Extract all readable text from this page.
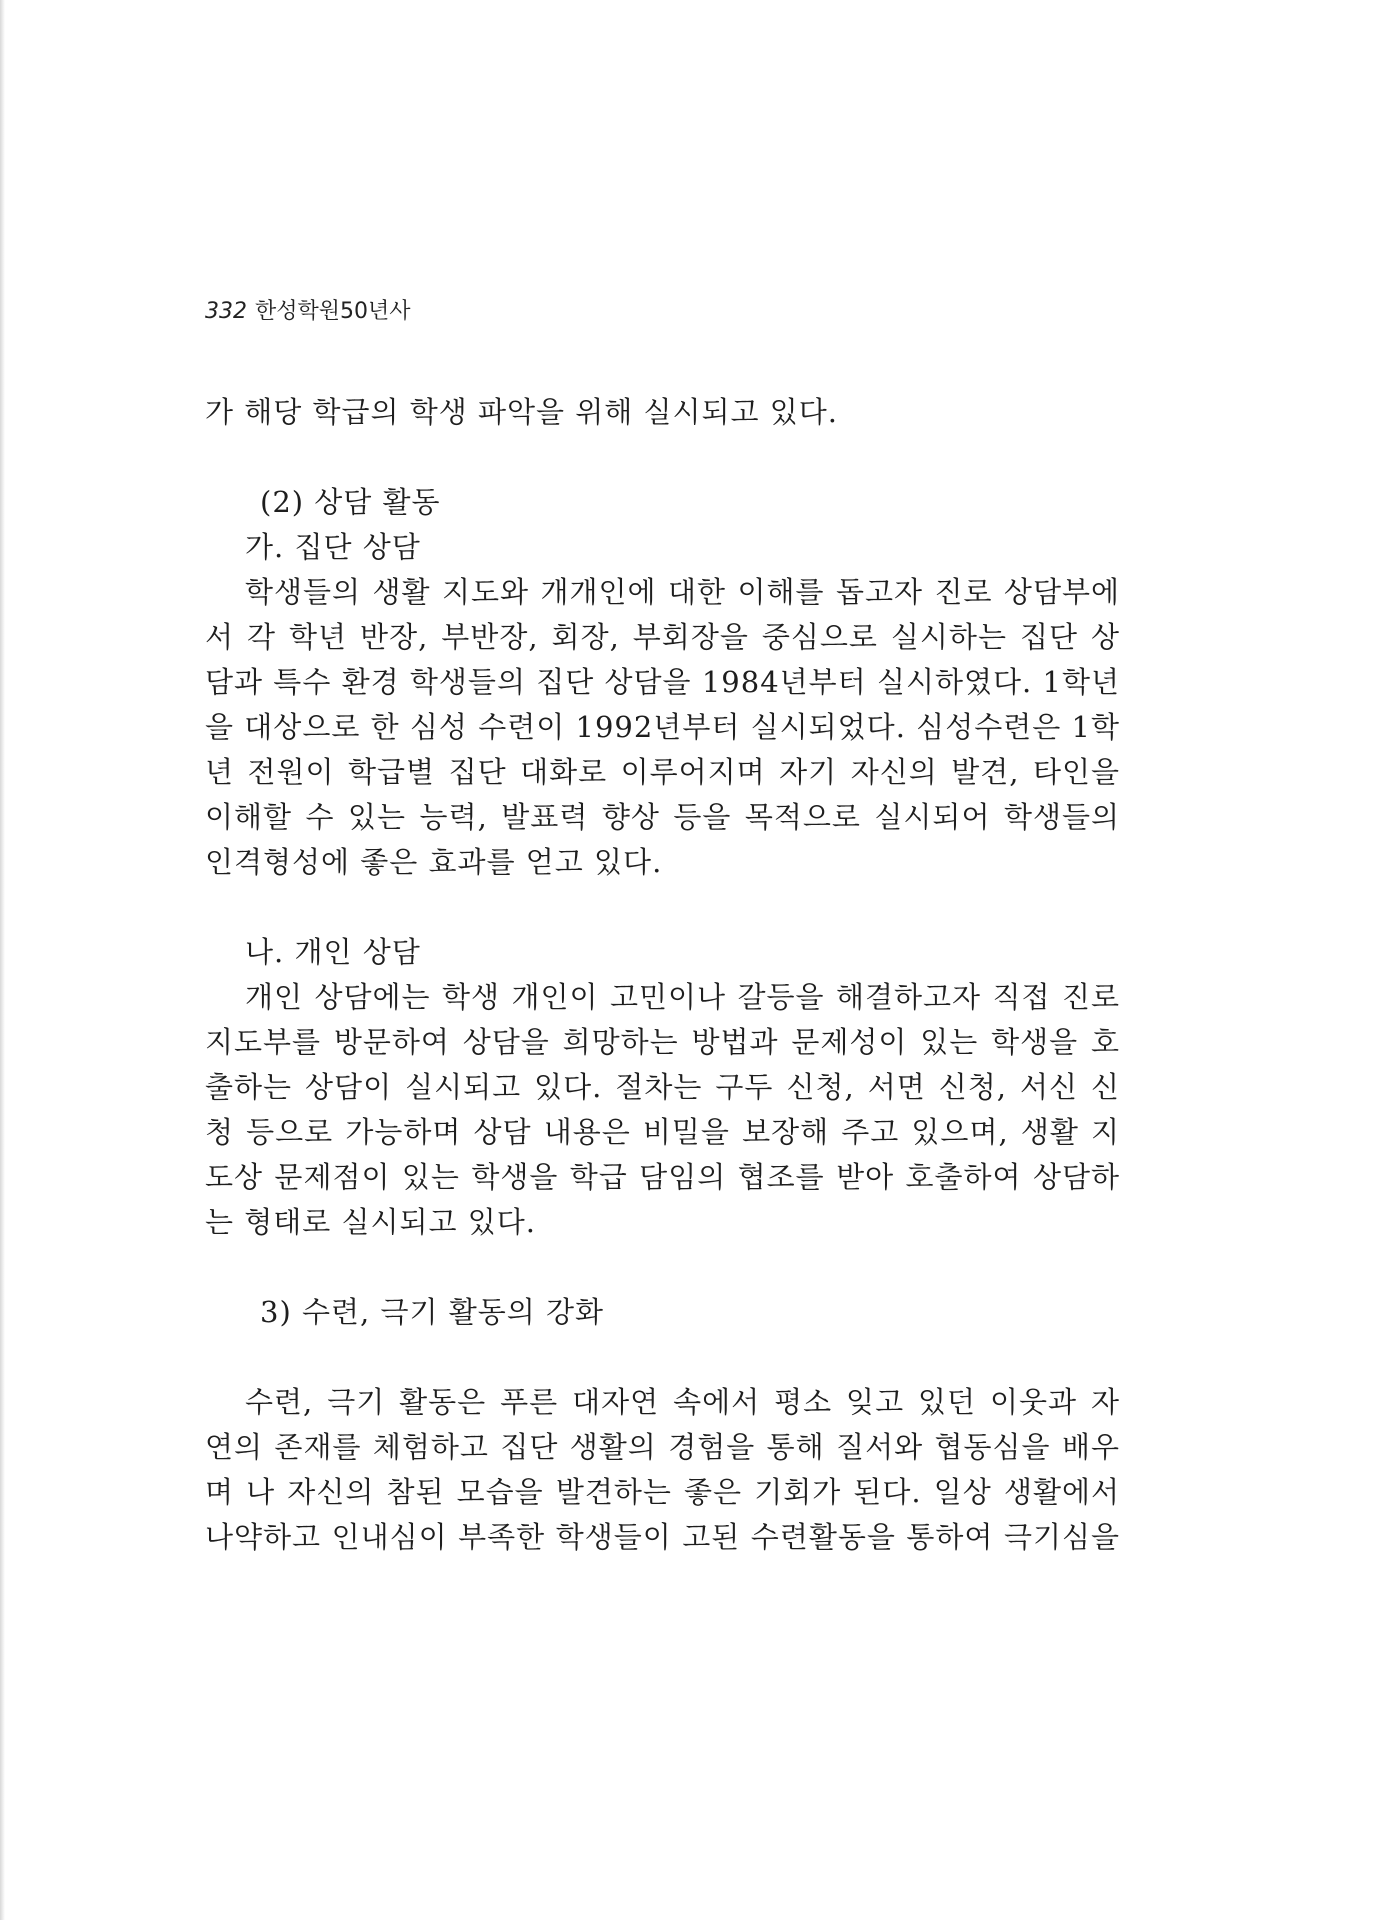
332 한성학원50년사
가 해당 학급의 학생 파악을 위해 실시되고 있다.
(2) 상담 활동
가. 집단 상담
학생들의 생활 지도와 개개인에 대한 이해를 돕고자 진로 상담부에
서 각 학년 반장, 부반장, 회장, 부회장을 중심으로 실시하는 집단 상
담과 특수 환경 학생들의 집단 상담을 1984년부터 실시하였다. 1학년
을 대상으로 한 심성 수련이 1992년부터 실시되었다. 심성수련은 1학
년 전원이 학급별 집단 대화로 이루어지며 자기 자신의 발견, 타인을
이해할 수 있는 능력, 발표력 향상 등을 목적으로 실시되어 학생들의
인격형성에 좋은 효과를 얻고 있다.
나. 개인 상담
개인 상담에는 학생 개인이 고민이나 갈등을 해결하고자 직접 진로
지도부를 방문하여 상담을 희망하는 방법과 문제성이 있는 학생을 호
출하는 상담이 실시되고 있다. 절차는 구두 신청, 서면 신청, 서신 신
청 등으로 가능하며 상담 내용은 비밀을 보장해 주고 있으며, 생활 지
도상 문제점이 있는 학생을 학급 담임의 협조를 받아 호출하여 상담하
는 형태로 실시되고 있다.
3) 수련, 극기 활동의 강화
수련, 극기 활동은 푸른 대자연 속에서 평소 잊고 있던 이웃과 자
연의 존재를 체험하고 집단 생활의 경험을 통해 질서와 협동심을 배우
며 나 자신의 참된 모습을 발견하는 좋은 기회가 된다. 일상 생활에서
나약하고 인내심이 부족한 학생들이 고된 수련활동을 통하여 극기심을
